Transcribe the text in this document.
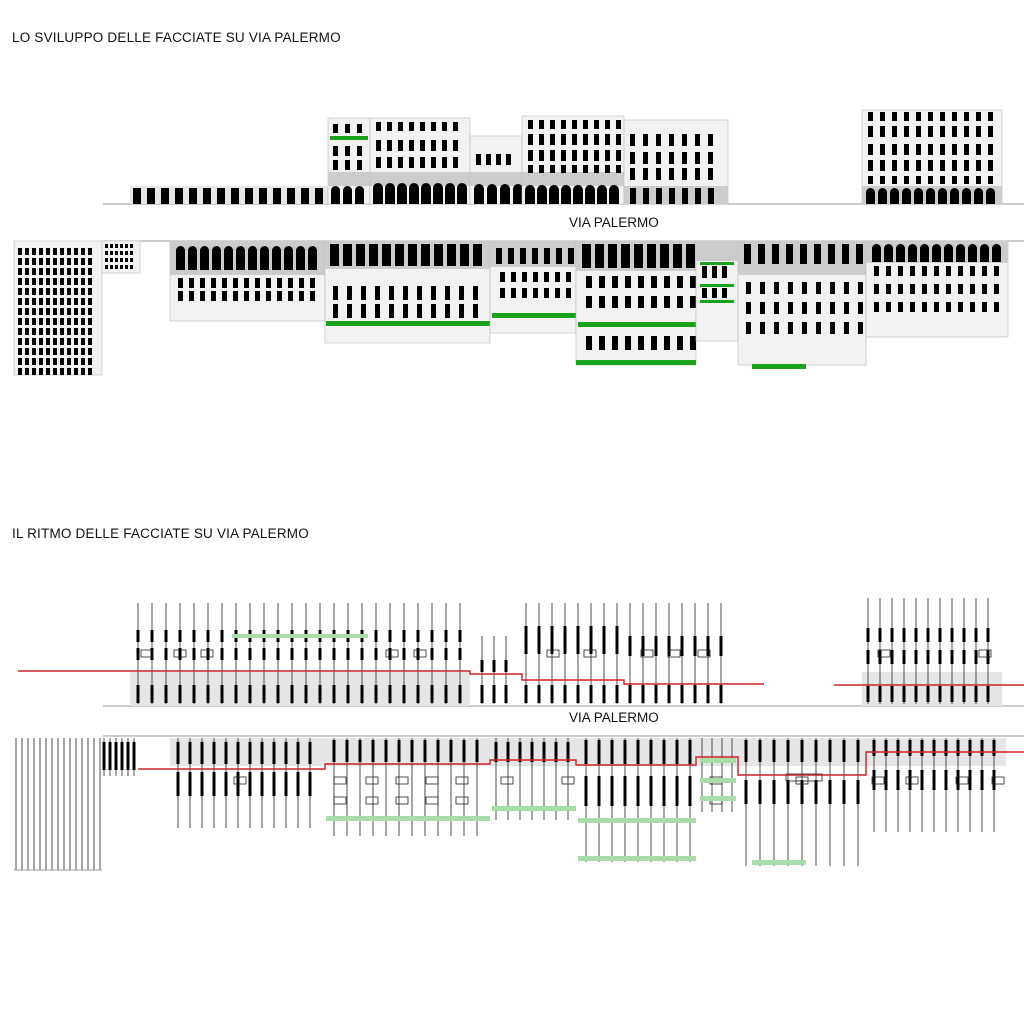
LO SVILUPPO DELLE FACCIATE SU VIA PALERMO
VIA PALERMO
IL RITMO DELLE FACCIATE SU VIA PALERMO
VIA PALERMO
